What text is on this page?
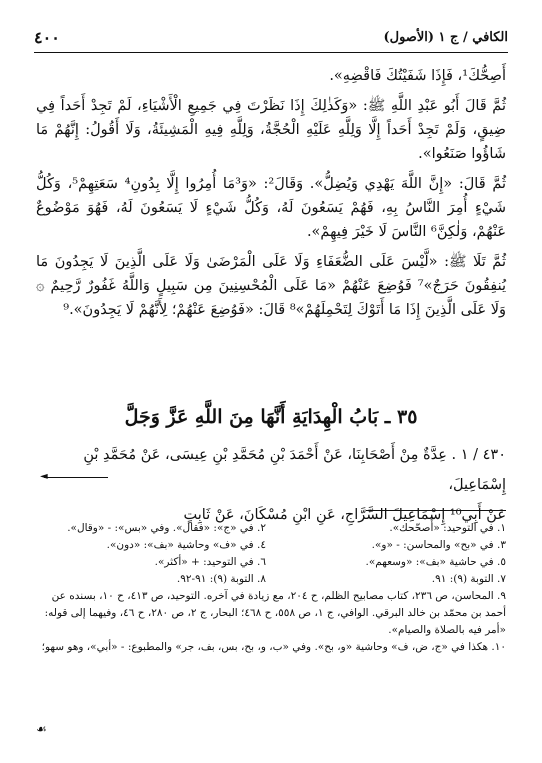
٤٠٠	الكافي / ج ١ (الأصول)

أَصِحُّكَ¹، فَإِذَا شَفَيْتُكَ فَاقْضِهِ».

ثُمَّ قَالَ أَبُو عَبْدِ اللَّهِ ﷺ: «وَكَذٰلِكَ إِذَا نَظَرْتَ فِي جَمِيعِ الْأَشْيَاءِ، لَمْ تَجِدْ أَحَداً فِي ضِيقٍ، وَلَمْ تَجِدْ أَحَداً إِلَّا وَلِلَّهِ عَلَيْهِ الْحُجَّةُ، وَلِلَّهِ فِيهِ الْمَشِيئَةُ، وَلَا أَقُولُ: إِنَّهُمْ مَا شَاؤُوا صَنَعُوا».

ثُمَّ قَالَ: «إِنَّ اللَّهَ يَهْدِي وَيُضِلُّ». وَقَالَ²: «وَ³مَا أُمِرُوا إِلَّا بِدُونِ⁴ سَعَتِهِمْ⁵، وَكُلُّ شَيْءٍ أُمِرَ النَّاسُ بِهِ، فَهُمْ يَسَعُونَ لَهُ، وَكُلُّ شَيْءٍ لَا يَسَعُونَ لَهُ، فَهُوَ مَوْضُوعٌ عَنْهُمْ، وَلٰكِنَّ⁶ النَّاسَ لَا خَيْرَ فِيهِمْ».

ثُمَّ تَلَا ﷺ: «لَّيْسَ عَلَى الضُّعَفَاءِ وَلَا عَلَى الْمَرْضَىٰ وَلَا عَلَى الَّذِينَ لَا يَجِدُونَ مَا يُنفِقُونَ حَرَجٌ»⁷ فَوُضِعَ عَنْهُمْ «مَا عَلَى الْمُحْسِنِينَ مِن سَبِيلٍ وَاللَّهُ غَفُورٌ رَّحِيمٌ ۞ وَلَا عَلَى الَّذِينَ إِذَا مَا أَتَوْكَ لِتَحْمِلَهُمْ»⁸ قَالَ: «فَوُضِعَ عَنْهُمْ؛ لِأَنَّهُمْ لَا يَجِدُونَ».⁹

٣٥ ـ بَابُ الْهِدَايَةِ أَنَّهَا مِنَ اللَّهِ عَزَّ وَجَلَّ
٤٣٠ / ١ . عِدَّةٌ مِنْ أَصْحَابِنَا، عَنْ أَحْمَدَ بْنِ مُحَمَّدِ بْنِ عِيسَى، عَنْ مُحَمَّدِ بْنِ إِسْمَاعِيلَ،
عَنْ أَبِي¹⁰ إِسْمَاعِيلَ السَّرَّاجِ، عَنِ ابْنِ مُسْكَانَ، عَنْ ثَابِتٍ
◄
١. في التوحيد: «أُصحّحك».
٢. في «ج»: «فقال». وفي «بس»: - «وقال».
٣. في «بح» والمحاسن: - «و».
٤. في «ف» وحاشية «بف»: «دون».
٥. في حاشية «بف»: «وسعهم».
٦. في التوحيد: + «أكثر».
٧. التوبة (٩): ٩١.
٨. التوبة (٩): ٩١-٩٢.

٩. المحاسن، ص ٢٣٦، كتاب مصابيح الظلم، ح ٢٠٤، مع زيادة في آخره. التوحيد، ص ٤١٣، ح ١٠، بسنده عن أحمد بن محمّد بن خالد البرقي. الوافي، ج ١، ص ٥٥٨، ح ٤٦٨؛ البحار، ج ٢، ص ٢٨٠، ح ٤٦، وفيهما إلى قوله: «أمر فيه بالصلاة والصيام».

١٠. هكذا في «ج، ض، ف» وحاشية «و، بح». وفي «ب، و، بح، بس، بف، جر» والمطبوع: - «أبي»، وهو سهو؛

☙
